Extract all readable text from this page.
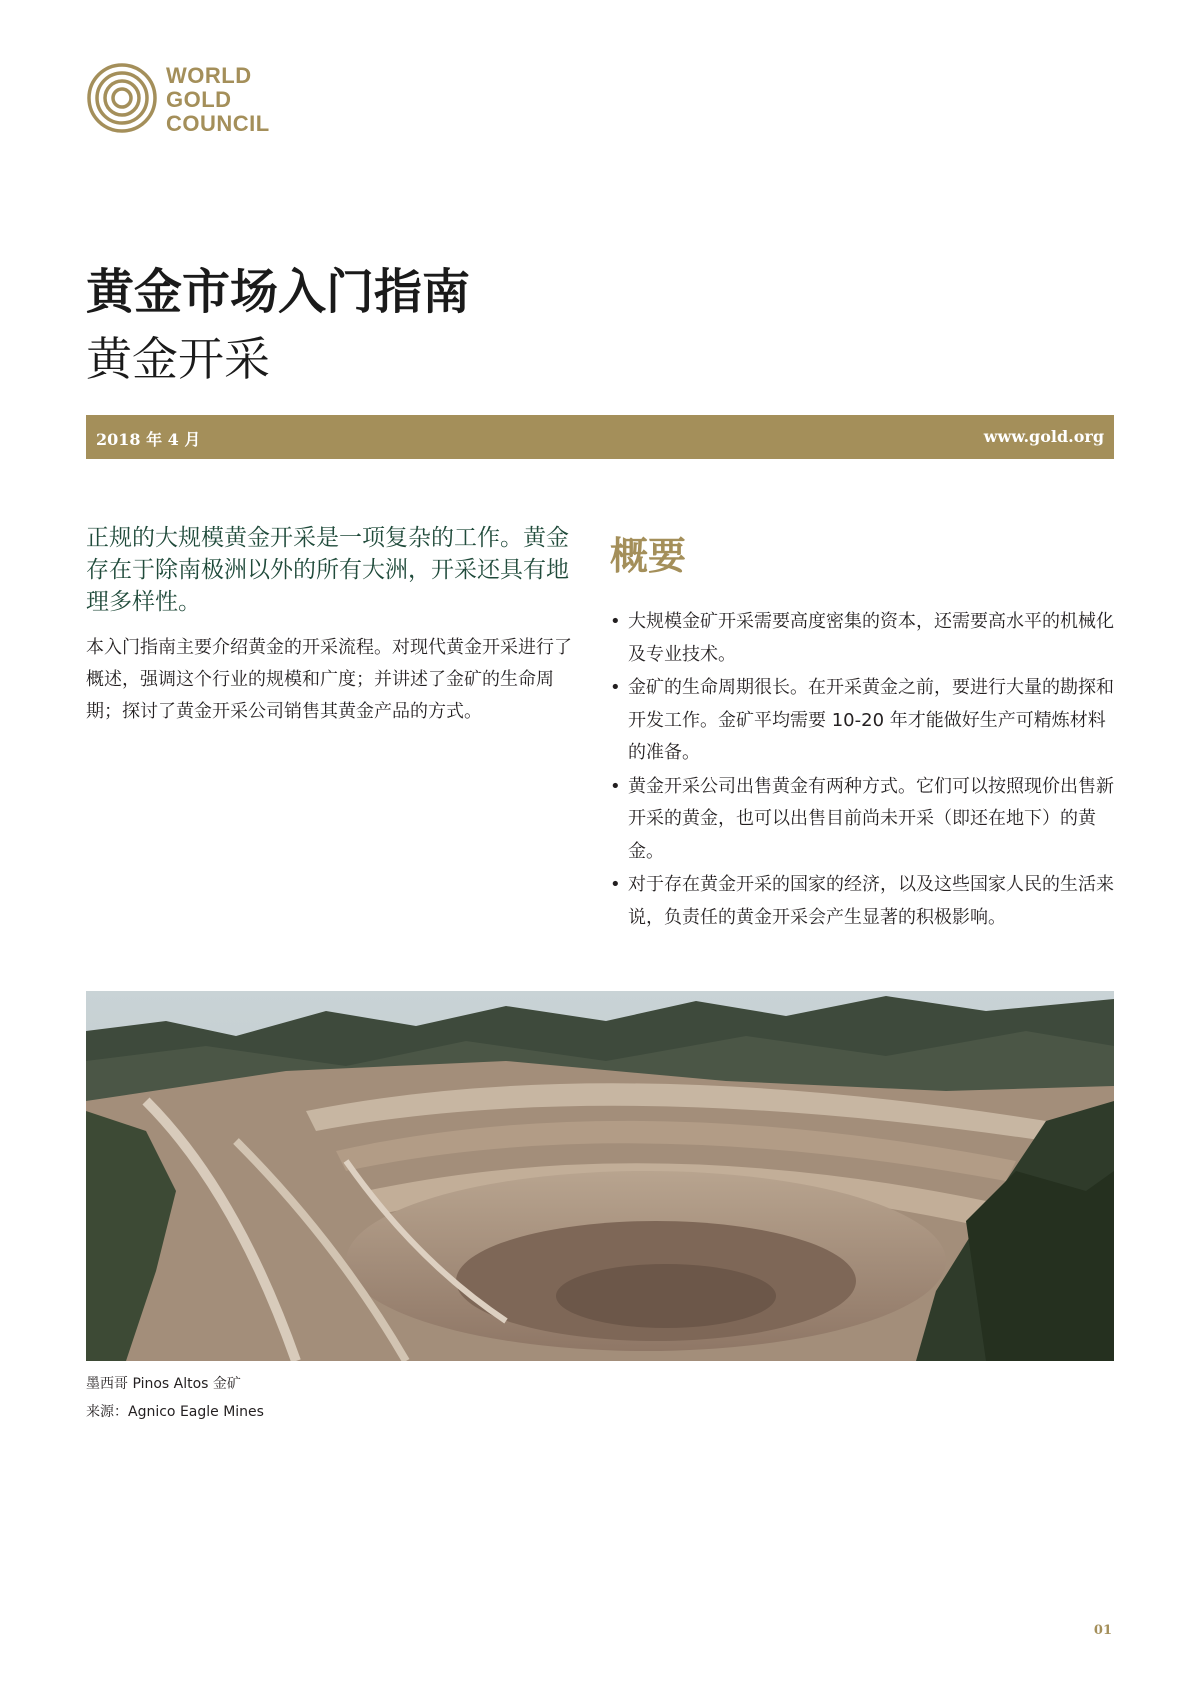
WORLD
GOLD
COUNCIL
黄金市场入门指南
黄金开采
2018 年 4 月	www.gold.org
正规的大规模黄金开采是一项复杂的工作。黄金存在于除南极洲以外的所有大洲，开采还具有地理多样性。
本入门指南主要介绍黄金的开采流程。对现代黄金开采进行了概述，强调这个行业的规模和广度；并讲述了金矿的生命周期；探讨了黄金开采公司销售其黄金产品的方式。
概要
• 大规模金矿开采需要高度密集的资本，还需要高水平的机械化及专业技术。
• 金矿的生命周期很长。在开采黄金之前，要进行大量的勘探和开发工作。金矿平均需要 10-20 年才能做好生产可精炼材料的准备。
• 黄金开采公司出售黄金有两种方式。它们可以按照现价出售新开采的黄金，也可以出售目前尚未开采（即还在地下）的黄金。
• 对于存在黄金开采的国家的经济，以及这些国家人民的生活来说，负责任的黄金开采会产生显著的积极影响。
墨西哥 Pinos Altos 金矿
来源：Agnico Eagle Mines
01
